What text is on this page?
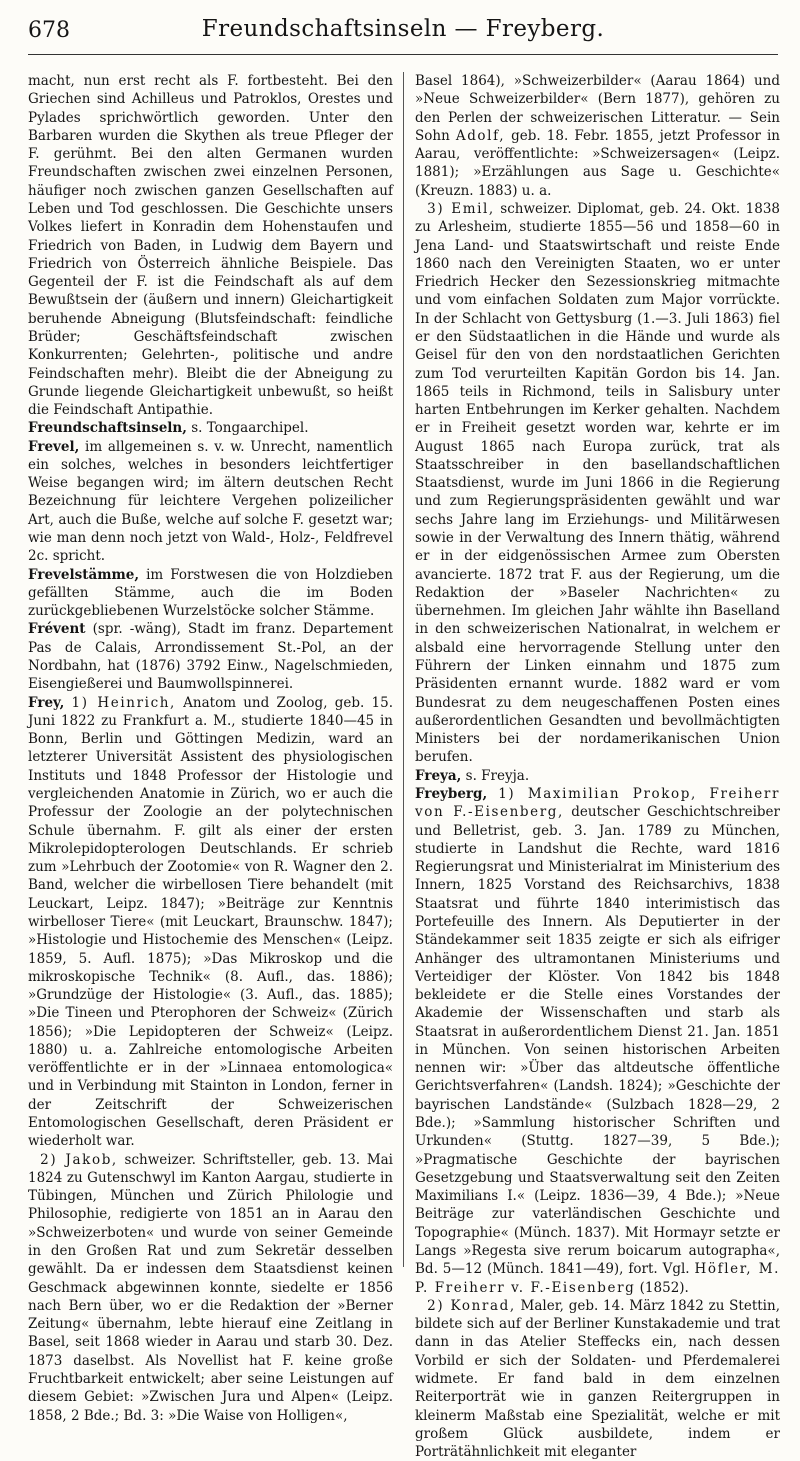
678	Freundschaftsinseln — Freyberg.

macht, nun erst recht als F. fortbesteht. Bei den Griechen sind Achilleus und Patroklos, Orestes und Pylades sprichwörtlich geworden. Unter den Barbaren wurden die Skythen als treue Pfleger der F. gerühmt. Bei den alten Germanen wurden Freundschaften zwischen zwei einzelnen Personen, häufiger noch zwischen ganzen Gesellschaften auf Leben und Tod geschlossen. Die Geschichte unsers Volkes liefert in Konradin dem Hohenstaufen und Friedrich von Baden, in Ludwig dem Bayern und Friedrich von Österreich ähnliche Beispiele. Das Gegenteil der F. ist die Feindschaft als auf dem Bewußtsein der (äußern und innern) Gleichartigkeit beruhende Abneigung (Blutsfeindschaft: feindliche Brüder; Geschäftsfeindschaft zwischen Konkurrenten; Gelehrten-, politische und andre Feindschaften mehr). Bleibt die der Abneigung zu Grunde liegende Gleichartigkeit unbewußt, so heißt die Feindschaft Antipathie.

Freundschaftsinseln, s. Tongaarchipel.

Frevel, im allgemeinen s. v. w. Unrecht, namentlich ein solches, welches in besonders leichtfertiger Weise begangen wird; im ältern deutschen Recht Bezeichnung für leichtere Vergehen polizeilicher Art, auch die Buße, welche auf solche F. gesetzt war; wie man denn noch jetzt von Wald-, Holz-, Feldfrevel 2c. spricht.

Frevelstämme, im Forstwesen die von Holzdieben gefällten Stämme, auch die im Boden zurückgebliebenen Wurzelstöcke solcher Stämme.

Frévent (spr. -wäng), Stadt im franz. Departement Pas de Calais, Arrondissement St.-Pol, an der Nordbahn, hat (1876) 3792 Einw., Nagelschmieden, Eisengießerei und Baumwollspinnerei.

Frey, 1) Heinrich, Anatom und Zoolog, geb. 15. Juni 1822 zu Frankfurt a. M., studierte 1840—45 in Bonn, Berlin und Göttingen Medizin, ward an letzterer Universität Assistent des physiologischen Instituts und 1848 Professor der Histologie und vergleichenden Anatomie in Zürich, wo er auch die Professur der Zoologie an der polytechnischen Schule übernahm. F. gilt als einer der ersten Mikrolepidopterologen Deutschlands. Er schrieb zum »Lehrbuch der Zootomie« von R. Wagner den 2. Band, welcher die wirbellosen Tiere behandelt (mit Leuckart, Leipz. 1847); »Beiträge zur Kenntnis wirbelloser Tiere« (mit Leuckart, Braunschw. 1847); »Histologie und Histochemie des Menschen« (Leipz. 1859, 5. Aufl. 1875); »Das Mikroskop und die mikroskopische Technik« (8. Aufl., das. 1886); »Grundzüge der Histologie« (3. Aufl., das. 1885); »Die Tineen und Pterophoren der Schweiz« (Zürich 1856); »Die Lepidopteren der Schweiz« (Leipz. 1880) u. a. Zahlreiche entomologische Arbeiten veröffentlichte er in der »Linnaea entomologica« und in Verbindung mit Stainton in London, ferner in der Zeitschrift der Schweizerischen Entomologischen Gesellschaft, deren Präsident er wiederholt war.

2) Jakob, schweizer. Schriftsteller, geb. 13. Mai 1824 zu Gutenschwyl im Kanton Aargau, studierte in Tübingen, München und Zürich Philologie und Philosophie, redigierte von 1851 an in Aarau den »Schweizerboten« und wurde von seiner Gemeinde in den Großen Rat und zum Sekretär desselben gewählt. Da er indessen dem Staatsdienst keinen Geschmack abgewinnen konnte, siedelte er 1856 nach Bern über, wo er die Redaktion der »Berner Zeitung« übernahm, lebte hierauf eine Zeitlang in Basel, seit 1868 wieder in Aarau und starb 30. Dez. 1873 daselbst. Als Novellist hat F. keine große Fruchtbarkeit entwickelt; aber seine Leistungen auf diesem Gebiet: »Zwischen Jura und Alpen« (Leipz. 1858, 2 Bde.; Bd. 3: »Die Waise von Holligen«,

Basel 1864), »Schweizerbilder« (Aarau 1864) und »Neue Schweizerbilder« (Bern 1877), gehören zu den Perlen der schweizerischen Litteratur. — Sein Sohn Adolf, geb. 18. Febr. 1855, jetzt Professor in Aarau, veröffentlichte: »Schweizersagen« (Leipz. 1881); »Erzählungen aus Sage u. Geschichte« (Kreuzn. 1883) u. a.

3) Emil, schweizer. Diplomat, geb. 24. Okt. 1838 zu Arlesheim, studierte 1855—56 und 1858—60 in Jena Land- und Staatswirtschaft und reiste Ende 1860 nach den Vereinigten Staaten, wo er unter Friedrich Hecker den Sezessionskrieg mitmachte und vom einfachen Soldaten zum Major vorrückte. In der Schlacht von Gettysburg (1.—3. Juli 1863) fiel er den Südstaatlichen in die Hände und wurde als Geisel für den von den nordstaatlichen Gerichten zum Tod verurteilten Kapitän Gordon bis 14. Jan. 1865 teils in Richmond, teils in Salisbury unter harten Entbehrungen im Kerker gehalten. Nachdem er in Freiheit gesetzt worden war, kehrte er im August 1865 nach Europa zurück, trat als Staatsschreiber in den basellandschaftlichen Staatsdienst, wurde im Juni 1866 in die Regierung und zum Regierungspräsidenten gewählt und war sechs Jahre lang im Erziehungs- und Militärwesen sowie in der Verwaltung des Innern thätig, während er in der eidgenössischen Armee zum Obersten avancierte. 1872 trat F. aus der Regierung, um die Redaktion der »Baseler Nachrichten« zu übernehmen. Im gleichen Jahr wählte ihn Baselland in den schweizerischen Nationalrat, in welchem er alsbald eine hervorragende Stellung unter den Führern der Linken einnahm und 1875 zum Präsidenten ernannt wurde. 1882 ward er vom Bundesrat zu dem neugeschaffenen Posten eines außerordentlichen Gesandten und bevollmächtigten Ministers bei der nordamerikanischen Union berufen.

Freya, s. Freyja.

Freyberg, 1) Maximilian Prokop, Freiherr von F.-Eisenberg, deutscher Geschichtschreiber und Belletrist, geb. 3. Jan. 1789 zu München, studierte in Landshut die Rechte, ward 1816 Regierungsrat und Ministerialrat im Ministerium des Innern, 1825 Vorstand des Reichsarchivs, 1838 Staatsrat und führte 1840 interimistisch das Portefeuille des Innern. Als Deputierter in der Ständekammer seit 1835 zeigte er sich als eifriger Anhänger des ultramontanen Ministeriums und Verteidiger der Klöster. Von 1842 bis 1848 bekleidete er die Stelle eines Vorstandes der Akademie der Wissenschaften und starb als Staatsrat in außerordentlichem Dienst 21. Jan. 1851 in München. Von seinen historischen Arbeiten nennen wir: »Über das altdeutsche öffentliche Gerichtsverfahren« (Landsh. 1824); »Geschichte der bayrischen Landstände« (Sulzbach 1828—29, 2 Bde.); »Sammlung historischer Schriften und Urkunden« (Stuttg. 1827—39, 5 Bde.); »Pragmatische Geschichte der bayrischen Gesetzgebung und Staatsverwaltung seit den Zeiten Maximilians I.« (Leipz. 1836—39, 4 Bde.); »Neue Beiträge zur vaterländischen Geschichte und Topographie« (Münch. 1837). Mit Hormayr setzte er Langs »Regesta sive rerum boicarum autographa«, Bd. 5—12 (Münch. 1841—49), fort. Vgl. Höfler, M. P. Freiherr v. F.-Eisenberg (1852).

2) Konrad, Maler, geb. 14. März 1842 zu Stettin, bildete sich auf der Berliner Kunstakademie und trat dann in das Atelier Steffecks ein, nach dessen Vorbild er sich der Soldaten- und Pferdemalerei widmete. Er fand bald in dem einzelnen Reiterporträt wie in ganzen Reitergruppen in kleinerm Maßstab eine Spezialität, welche er mit großem Glück ausbildete, indem er Porträtähnlichkeit mit eleganter
